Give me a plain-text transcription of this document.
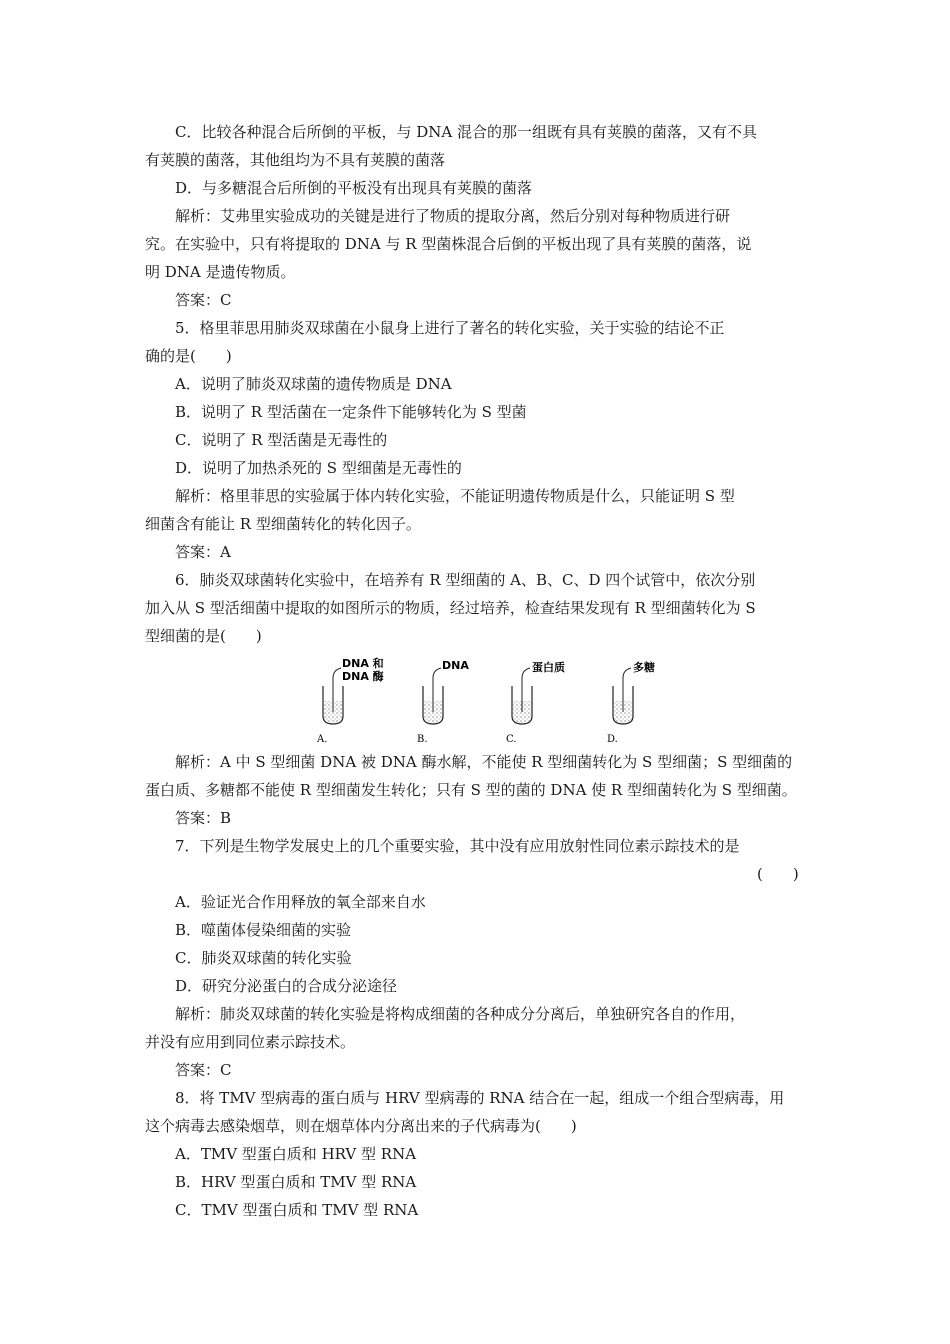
C．比较各种混合后所倒的平板，与 DNA 混合的那一组既有具有荚膜的菌落，又有不具
有荚膜的菌落，其他组均为不具有荚膜的菌落
D．与多糖混合后所倒的平板没有出现具有荚膜的菌落
解析：艾弗里实验成功的关键是进行了物质的提取分离，然后分别对每种物质进行研
究。在实验中，只有将提取的 DNA 与 R 型菌株混合后倒的平板出现了具有荚膜的菌落，说
明 DNA 是遗传物质。
答案：C
5．格里菲思用肺炎双球菌在小鼠身上进行了著名的转化实验，关于实验的结论不正
确的是(　　)
A．说明了肺炎双球菌的遗传物质是 DNA
B．说明了 R 型活菌在一定条件下能够转化为 S 型菌
C．说明了 R 型活菌是无毒性的
D．说明了加热杀死的 S 型细菌是无毒性的
解析：格里菲思的实验属于体内转化实验，不能证明遗传物质是什么，只能证明 S 型
细菌含有能让 R 型细菌转化的转化因子。
答案：A
6．肺炎双球菌转化实验中，在培养有 R 型细菌的 A、B、C、D 四个试管中，依次分别
加入从 S 型活细菌中提取的如图所示的物质，经过培养，检查结果发现有 R 型细菌转化为 S
型细菌的是(　　)
DNA 和
DNA 酶
A.
DNA
B.
蛋白质
C.
多糖
D.
解析：A 中 S 型细菌 DNA 被 DNA 酶水解，不能使 R 型细菌转化为 S 型细菌；S 型细菌的
蛋白质、多糖都不能使 R 型细菌发生转化；只有 S 型的菌的 DNA 使 R 型细菌转化为 S 型细菌。
答案：B
7．下列是生物学发展史上的几个重要实验，其中没有应用放射性同位素示踪技术的是
(　　)
A．验证光合作用释放的氧全部来自水
B．噬菌体侵染细菌的实验
C．肺炎双球菌的转化实验
D．研究分泌蛋白的合成分泌途径
解析：肺炎双球菌的转化实验是将构成细菌的各种成分分离后，单独研究各自的作用，
并没有应用到同位素示踪技术。
答案：C
8．将 TMV 型病毒的蛋白质与 HRV 型病毒的 RNA 结合在一起，组成一个组合型病毒，用
这个病毒去感染烟草，则在烟草体内分离出来的子代病毒为(　　)
A．TMV 型蛋白质和 HRV 型 RNA
B．HRV 型蛋白质和 TMV 型 RNA
C．TMV 型蛋白质和 TMV 型 RNA
